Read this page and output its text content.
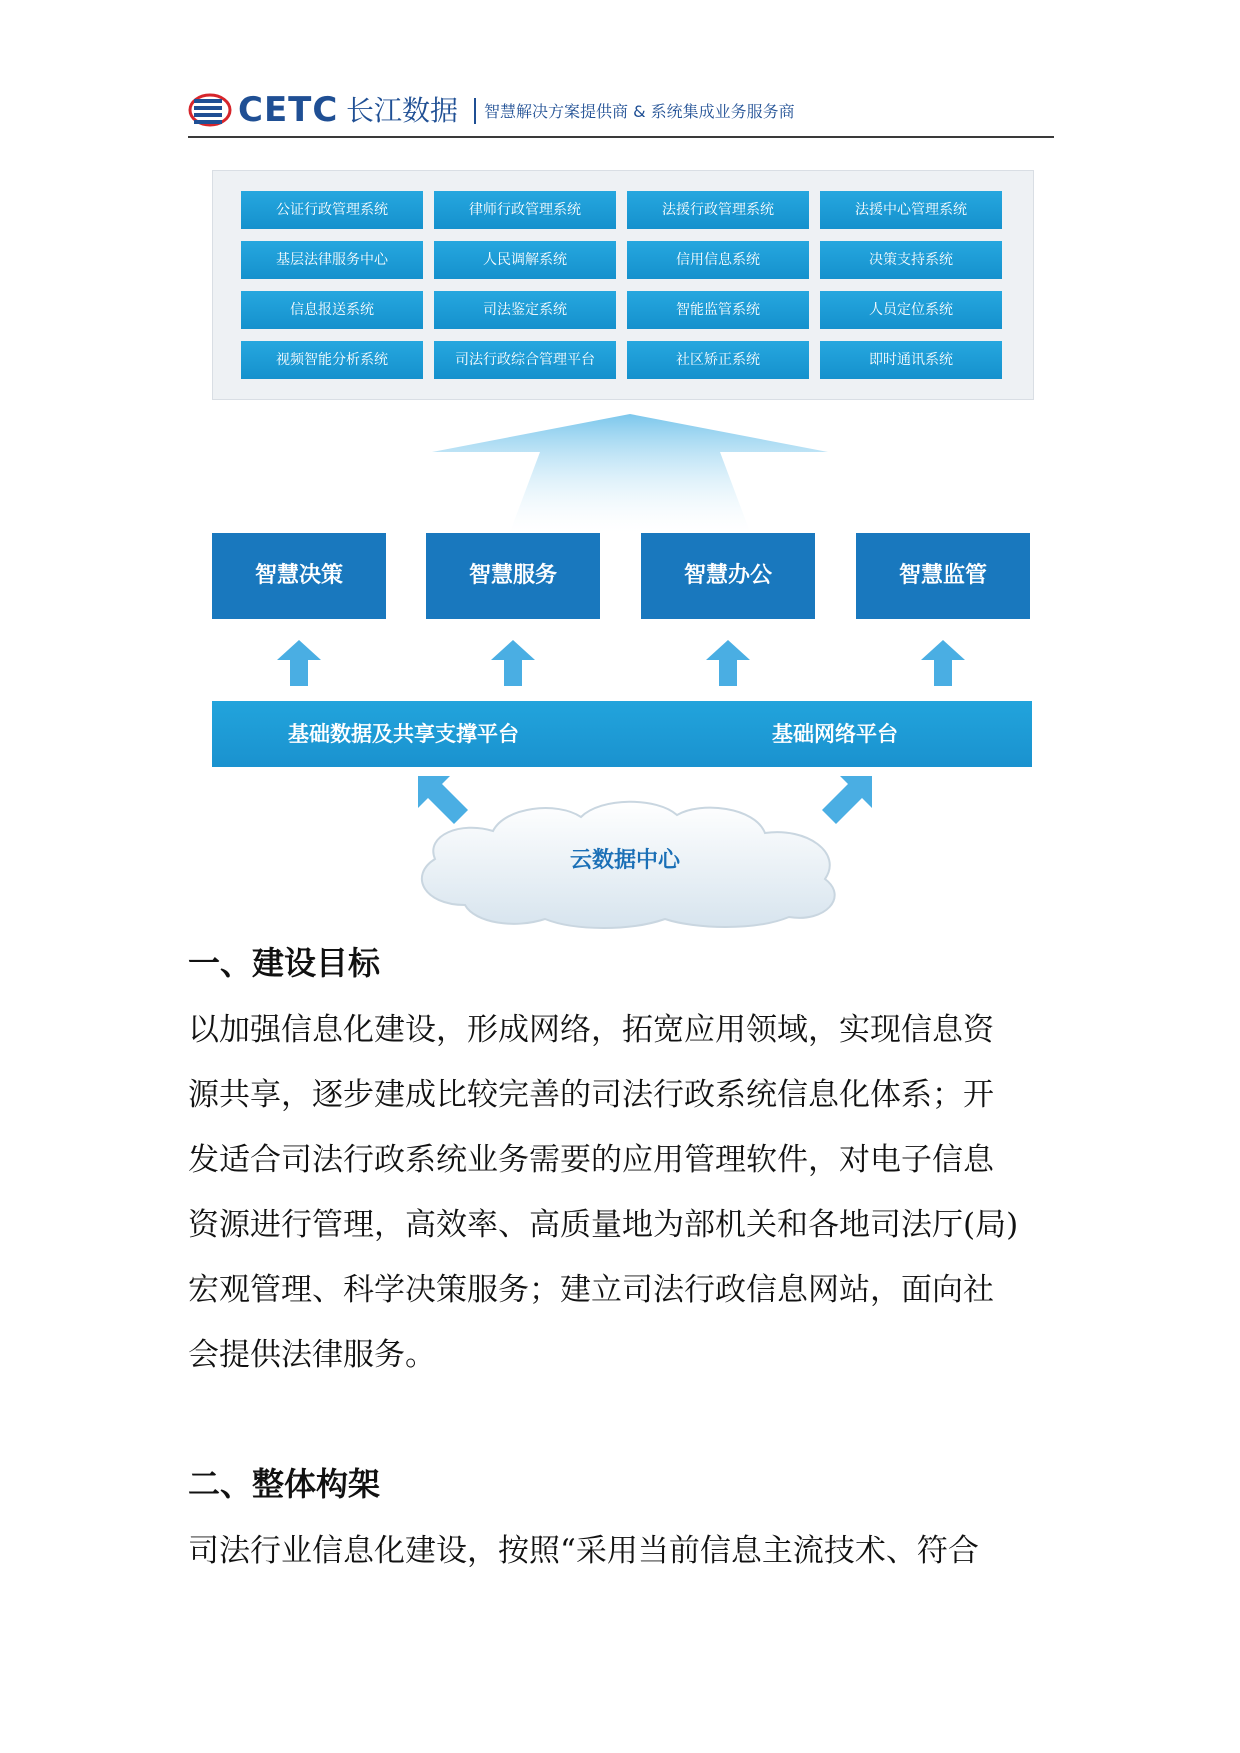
CETC 长江数据 智慧解决方案提供商 & 系统集成业务服务商
公证行政管理系统	律师行政管理系统	法援行政管理系统	法援中心管理系统
基层法律服务中心	人民调解系统	信用信息系统	决策支持系统
信息报送系统	司法鉴定系统	智能监管系统	人员定位系统
视频智能分析系统	司法行政综合管理平台	社区矫正系统	即时通讯系统
智慧决策	智慧服务	智慧办公	智慧监管
基础数据及共享支撑平台	基础网络平台
云数据中心
一、建设目标
以加强信息化建设，形成网络，拓宽应用领域，实现信息资
源共享，逐步建成比较完善的司法行政系统信息化体系；开
发适合司法行政系统业务需要的应用管理软件，对电子信息
资源进行管理，高效率、高质量地为部机关和各地司法厅(局)
宏观管理、科学决策服务；建立司法行政信息网站，面向社
会提供法律服务。
二、整体构架
司法行业信息化建设，按照“采用当前信息主流技术、符合
